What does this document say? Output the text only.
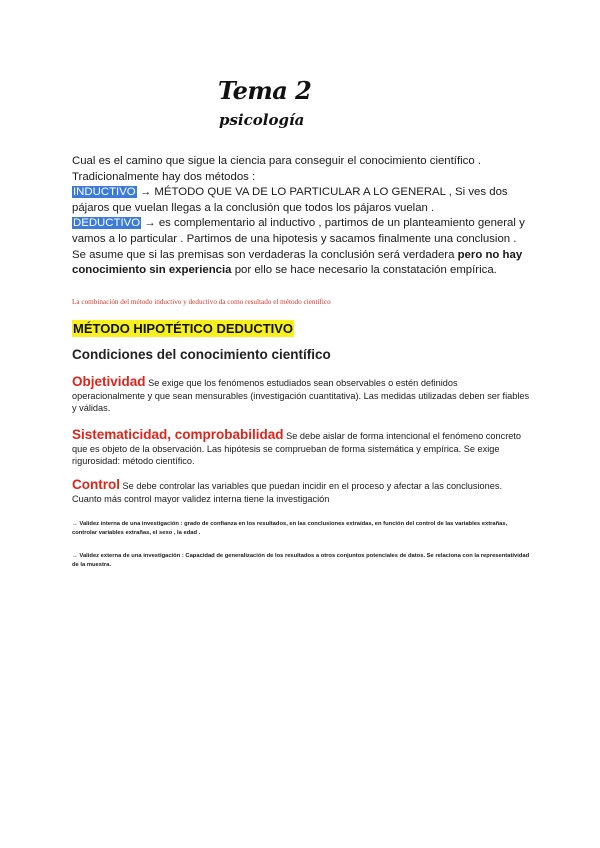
Tema 2
psicología

Cual es el camino que sigue la ciencia para conseguir el conocimiento científico .

Tradicionalmente hay dos métodos :

INDUCTIVO → MÉTODO QUE VA DE LO PARTICULAR A LO GENERAL , Si ves dos pájaros que vuelan llegas a la conclusión que todos los pájaros vuelan .

DEDUCTIVO → es complementario al inductivo , partimos de un planteamiento general y vamos a lo particular . Partimos de una hipotesis y sacamos finalmente una conclusion . Se asume que si las premisas son verdaderas la conclusión será verdadera pero no hay conocimiento sin experiencia por ello se hace necesario la constatación empírica.

La combinación del método inductivo y deductivo da como resultado el método científico
MÉTODO HIPOTÉTICO DEDUCTIVO
Condiciones del conocimiento científico

Objetividad Se exige que los fenómenos estudiados sean observables o estén definidos operacionalmente y que sean mensurables (investigación cuantitativa). Las medidas utilizadas deben ser fiables y válidas.

Sistematicidad, comprobabilidad Se debe aislar de forma intencional el fenómeno concreto que es objeto de la observación. Las hipótesis se comprueban de forma sistemática y empírica. Se exige rigurosidad: método científico.

Control Se debe controlar las variables que puedan incidir en el proceso y afectar a las conclusiones. Cuanto más control mayor validez interna tiene la investigación

→ Validez interna de una investigación : grado de confianza en los resultados, en las conclusiones extraídas, en función del control de las variables extrañas, controlar variables extrañas, el sexo , la edad .

→ Validez externa de una investigación : Capacidad de generalización de los resultados a otros conjuntos potenciales de datos. Se relaciona con la representatividad de la muestra.
